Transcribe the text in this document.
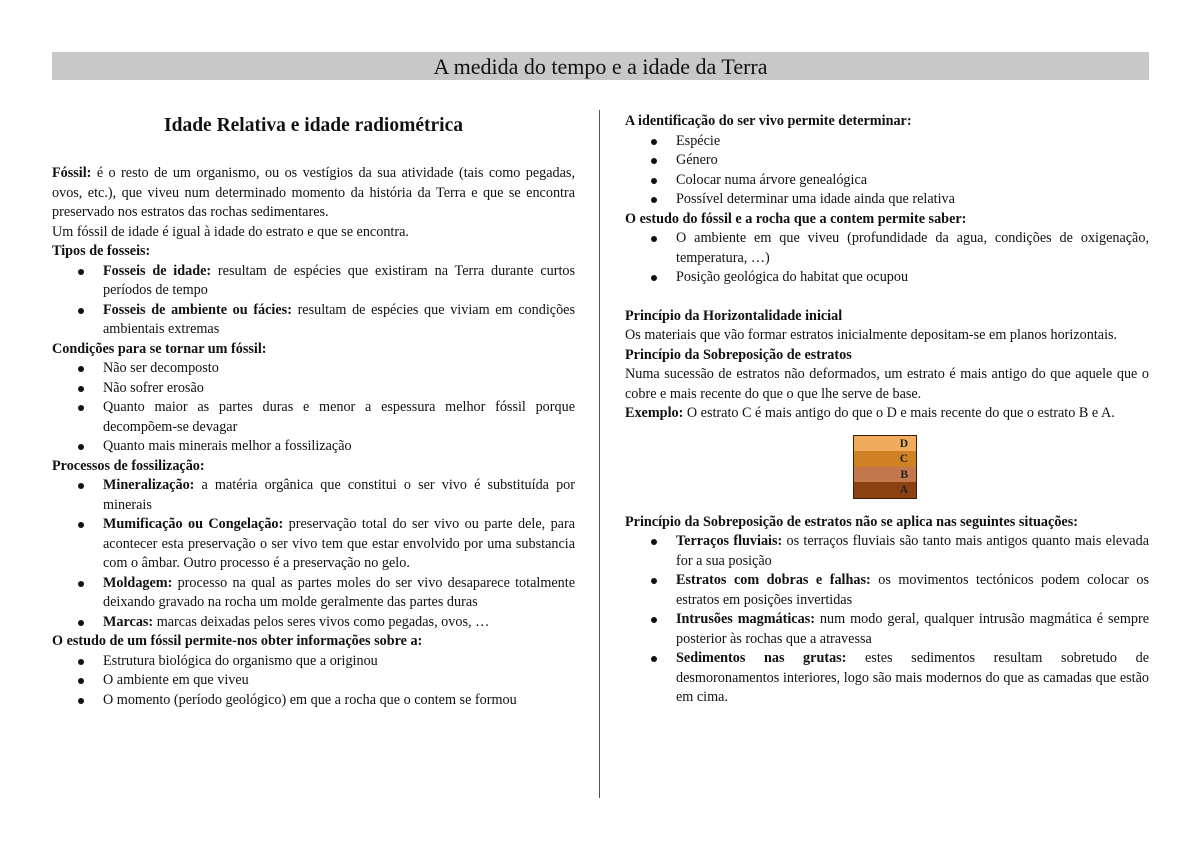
A medida do tempo e a idade da Terra
Idade Relativa e idade radiométrica

Fóssil: é o resto de um organismo, ou os vestígios da sua atividade (tais como pegadas, ovos, etc.), que viveu num determinado momento da história da Terra e que se encontra preservado nos estratos das rochas sedimentares.

Um fóssil de idade é igual à idade do estrato e que se encontra.

Tipos de fosseis:

Fosseis de idade: resultam de espécies que existiram na Terra durante curtos períodos de tempo
Fosseis de ambiente ou fácies: resultam de espécies que viviam em condições ambientais extremas

Condições para se tornar um fóssil:

Não ser decomposto
Não sofrer erosão
Quanto maior as partes duras e menor a espessura melhor fóssil porque decompõem-se devagar
Quanto mais minerais melhor a fossilização

Processos de fossilização:

Mineralização: a matéria orgânica que constitui o ser vivo é substituída por minerais
Mumificação ou Congelação: preservação total do ser vivo ou parte dele, para acontecer esta preservação o ser vivo tem que estar envolvido por uma substancia com o âmbar. Outro processo é a preservação no gelo.
Moldagem: processo na qual as partes moles do ser vivo desaparece totalmente deixando gravado na rocha um molde geralmente das partes duras
Marcas: marcas deixadas pelos seres vivos como pegadas, ovos, …

O estudo de um fóssil permite-nos obter informações sobre a:

Estrutura biológica do organismo que a originou
O ambiente em que viveu
O momento (período geológico) em que a rocha que o contem se formou

A identificação do ser vivo permite determinar:

Espécie
Género
Colocar numa árvore genealógica
Possível determinar uma idade ainda que relativa

O estudo do fóssil e a rocha que a contem permite saber:

O ambiente em que viveu (profundidade da agua, condições de oxigenação, temperatura, …)
Posição geológica do habitat que ocupou

Princípio da Horizontalidade inicial

Os materiais que vão formar estratos inicialmente depositam-se em planos horizontais.

Princípio da Sobreposição de estratos

Numa sucessão de estratos não deformados, um estrato é mais antigo do que aquele que o cobre e mais recente do que o que lhe serve de base.

Exemplo: O estrato C é mais antigo do que o D e mais recente do que o estrato B e A.

D
C
B
A

Princípio da Sobreposição de estratos não se aplica nas seguintes situações:

Terraços fluviais: os terraços fluviais são tanto mais antigos quanto mais elevada for a sua posição
Estratos com dobras e falhas: os movimentos tectónicos podem colocar os estratos em posições invertidas
Intrusões magmáticas: num modo geral, qualquer intrusão magmática é sempre posterior às rochas que a atravessa
Sedimentos nas grutas: estes sedimentos resultam sobretudo de desmoronamentos interiores, logo são mais modernos do que as camadas que estão em cima.
